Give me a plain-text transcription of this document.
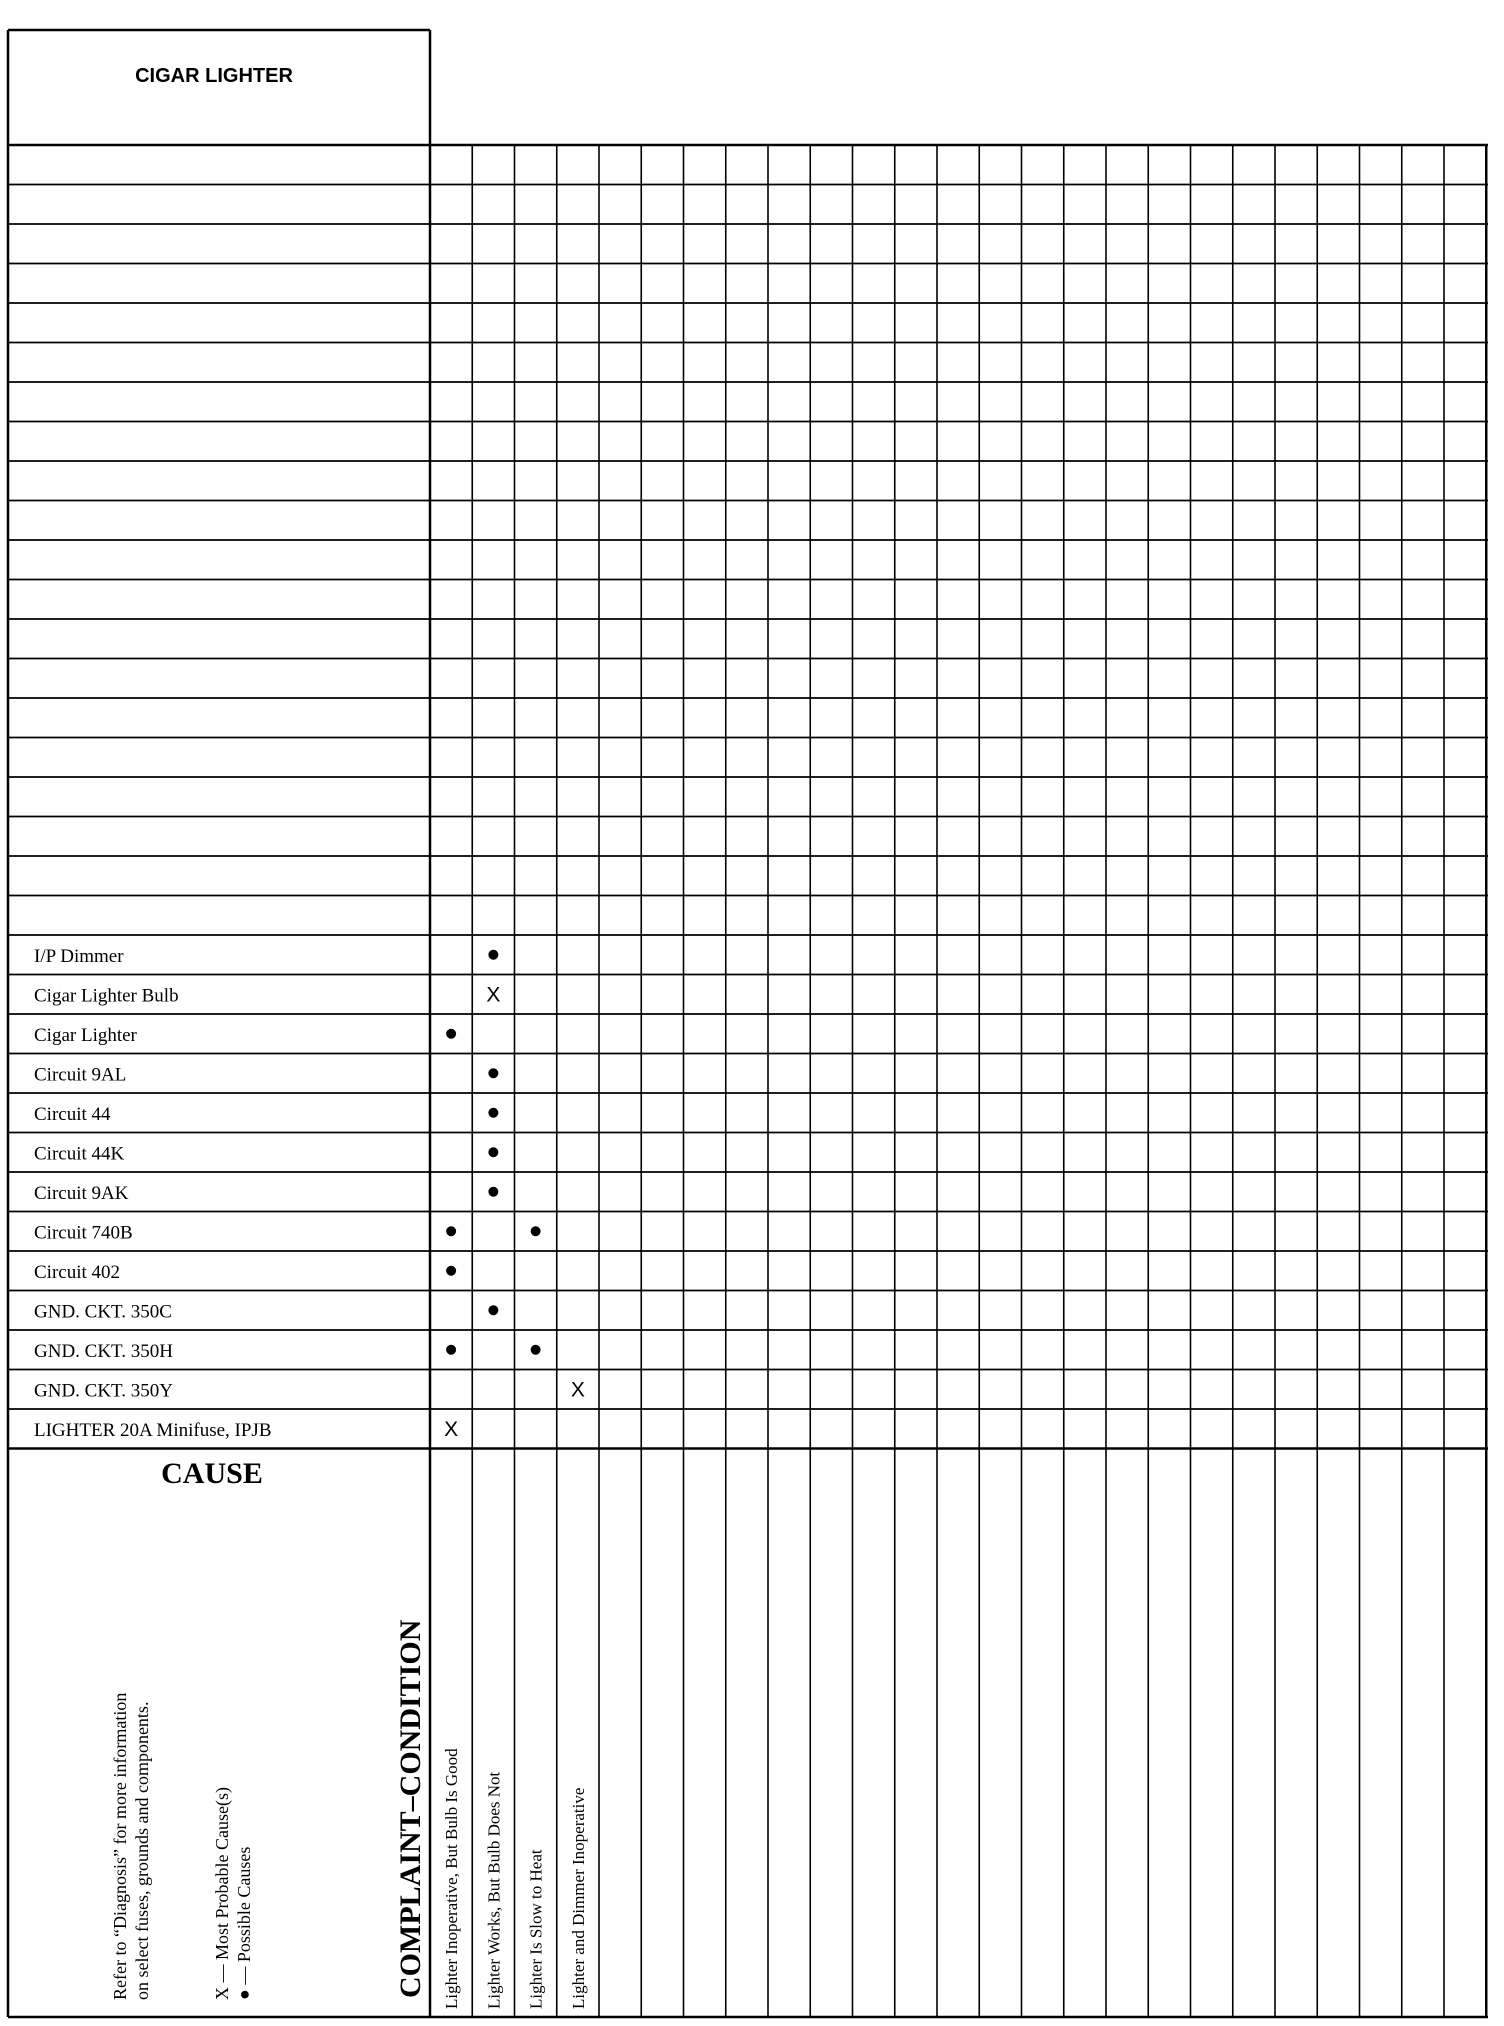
CIGAR LIGHTER
I/P Dimmer
Cigar Lighter Bulb
Cigar Lighter
Circuit 9AL
Circuit 44
Circuit 44K
Circuit 9AK
Circuit 740B
Circuit 402
GND. CKT. 350C
GND. CKT. 350H
GND. CKT. 350Y
LIGHTER 20A Minifuse, IPJB
X
X
X
CAUSE
Refer to “Diagnosis” for more information on select fuses, grounds and components.	X — Most Probable Cause(s) ● — Possible Causes	COMPLAINT–CONDITION Lighter Inoperative, But Bulb Is Good Lighter Works, But Bulb Does Not Lighter Is Slow to Heat Lighter and Dimmer Inoperative
